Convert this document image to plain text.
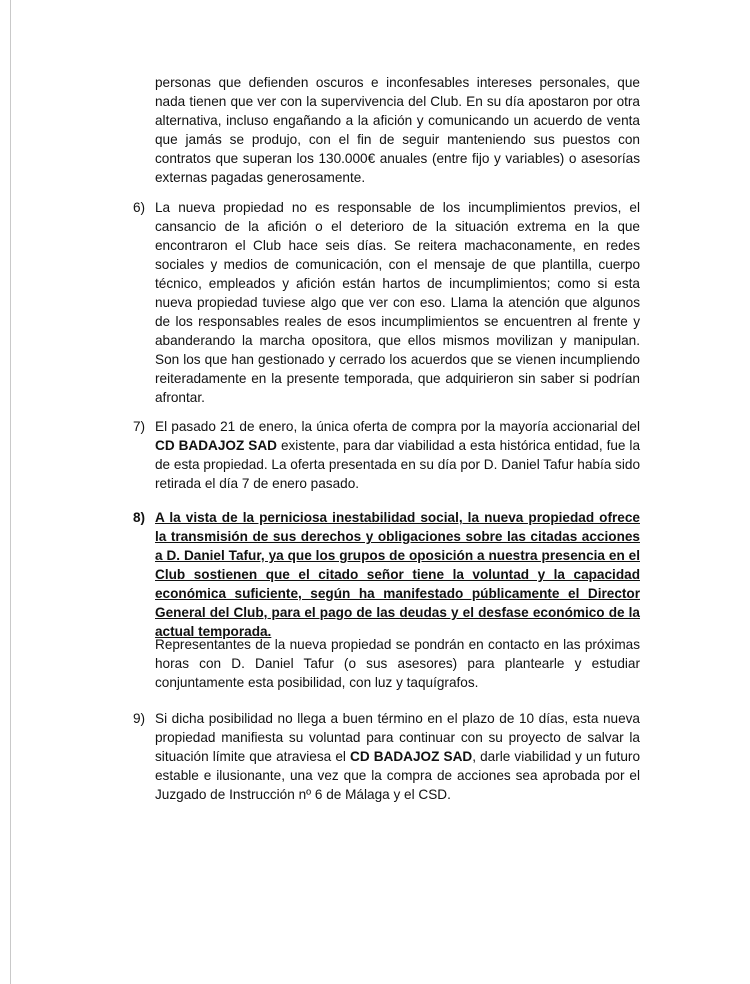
personas que defienden oscuros e inconfesables intereses personales, que nada tienen que ver con la supervivencia del Club. En su día apostaron por otra alternativa, incluso engañando a la afición y comunicando un acuerdo de venta que jamás se produjo, con el fin de seguir manteniendo sus puestos con contratos que superan los 130.000€ anuales (entre fijo y variables) o asesorías externas pagadas generosamente.

6) La nueva propiedad no es responsable de los incumplimientos previos, el cansancio de la afición o el deterioro de la situación extrema en la que encontraron el Club hace seis días. Se reitera machaconamente, en redes sociales y medios de comunicación, con el mensaje de que plantilla, cuerpo técnico, empleados y afición están hartos de incumplimientos; como si esta nueva propiedad tuviese algo que ver con eso. Llama la atención que algunos de los responsables reales de esos incumplimientos se encuentren al frente y abanderando la marcha opositora, que ellos mismos movilizan y manipulan. Son los que han gestionado y cerrado los acuerdos que se vienen incumpliendo reiteradamente en la presente temporada, que adquirieron sin saber si podrían afrontar.

7) El pasado 21 de enero, la única oferta de compra por la mayoría accionarial del CD BADAJOZ SAD existente, para dar viabilidad a esta histórica entidad, fue la de esta propiedad. La oferta presentada en su día por D. Daniel Tafur había sido retirada el día 7 de enero pasado.

8) A la vista de la perniciosa inestabilidad social, la nueva propiedad ofrece la transmisión de sus derechos y obligaciones sobre las citadas acciones a D. Daniel Tafur, ya que los grupos de oposición a nuestra presencia en el Club sostienen que el citado señor tiene la voluntad y la capacidad económica suficiente, según ha manifestado públicamente el Director General del Club, para el pago de las deudas y el desfase económico de la actual temporada.

Representantes de la nueva propiedad se pondrán en contacto en las próximas horas con D. Daniel Tafur (o sus asesores) para plantearle y estudiar conjuntamente esta posibilidad, con luz y taquígrafos.

9) Si dicha posibilidad no llega a buen término en el plazo de 10 días, esta nueva propiedad manifiesta su voluntad para continuar con su proyecto de salvar la situación límite que atraviesa el CD BADAJOZ SAD, darle viabilidad y un futuro estable e ilusionante, una vez que la compra de acciones sea aprobada por el Juzgado de Instrucción nº 6 de Málaga y el CSD.
